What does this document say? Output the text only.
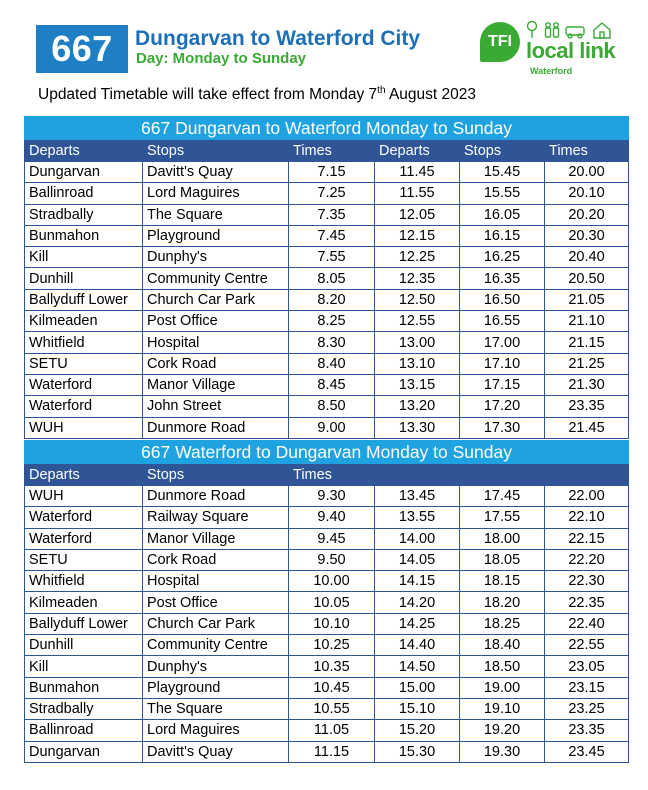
667	Dungarvan to Waterford City
Day: Monday to Sunday
TFI local link
Waterford
Updated Timetable will take effect from Monday 7th August 2023
667 Dungarvan to Waterford Monday to Sunday					
Departs	Stops	Times	Departs	Stops	Times
Dungarvan	Davitt's Quay	7.15	11.45	15.45	20.00
Ballinroad	Lord Maguires	7.25	11.55	15.55	20.10
Stradbally	The Square	7.35	12.05	16.05	20.20
Bunmahon	Playground	7.45	12.15	16.15	20.30
Kill	Dunphy's	7.55	12.25	16.25	20.40
Dunhill	Community Centre	8.05	12.35	16.35	20.50
Ballyduff Lower	Church Car Park	8.20	12.50	16.50	21.05
Kilmeaden	Post Office	8.25	12.55	16.55	21.10
Whitfield	Hospital	8.30	13.00	17.00	21.15
SETU	Cork Road	8.40	13.10	17.10	21.25
Waterford	Manor Village	8.45	13.15	17.15	21.30
Waterford	John Street	8.50	13.20	17.20	23.35
WUH	Dunmore Road	9.00	13.30	17.30	21.45
667 Waterford to Dungarvan Monday to Sunday					
Departs	Stops	Times			
WUH	Dunmore Road	9.30	13.45	17.45	22.00
Waterford	Railway Square	9.40	13.55	17.55	22.10
Waterford	Manor Village	9.45	14.00	18.00	22.15
SETU	Cork Road	9.50	14.05	18.05	22.20
Whitfield	Hospital	10.00	14.15	18.15	22.30
Kilmeaden	Post Office	10.05	14.20	18.20	22.35
Ballyduff Lower	Church Car Park	10.10	14.25	18.25	22.40
Dunhill	Community Centre	10.25	14.40	18.40	22.55
Kill	Dunphy's	10.35	14.50	18.50	23.05
Bunmahon	Playground	10.45	15.00	19.00	23.15
Stradbally	The Square	10.55	15.10	19.10	23.25
Ballinroad	Lord Maguires	11.05	15.20	19.20	23.35
Dungarvan	Davitt's Quay	11.15	15.30	19.30	23.45
